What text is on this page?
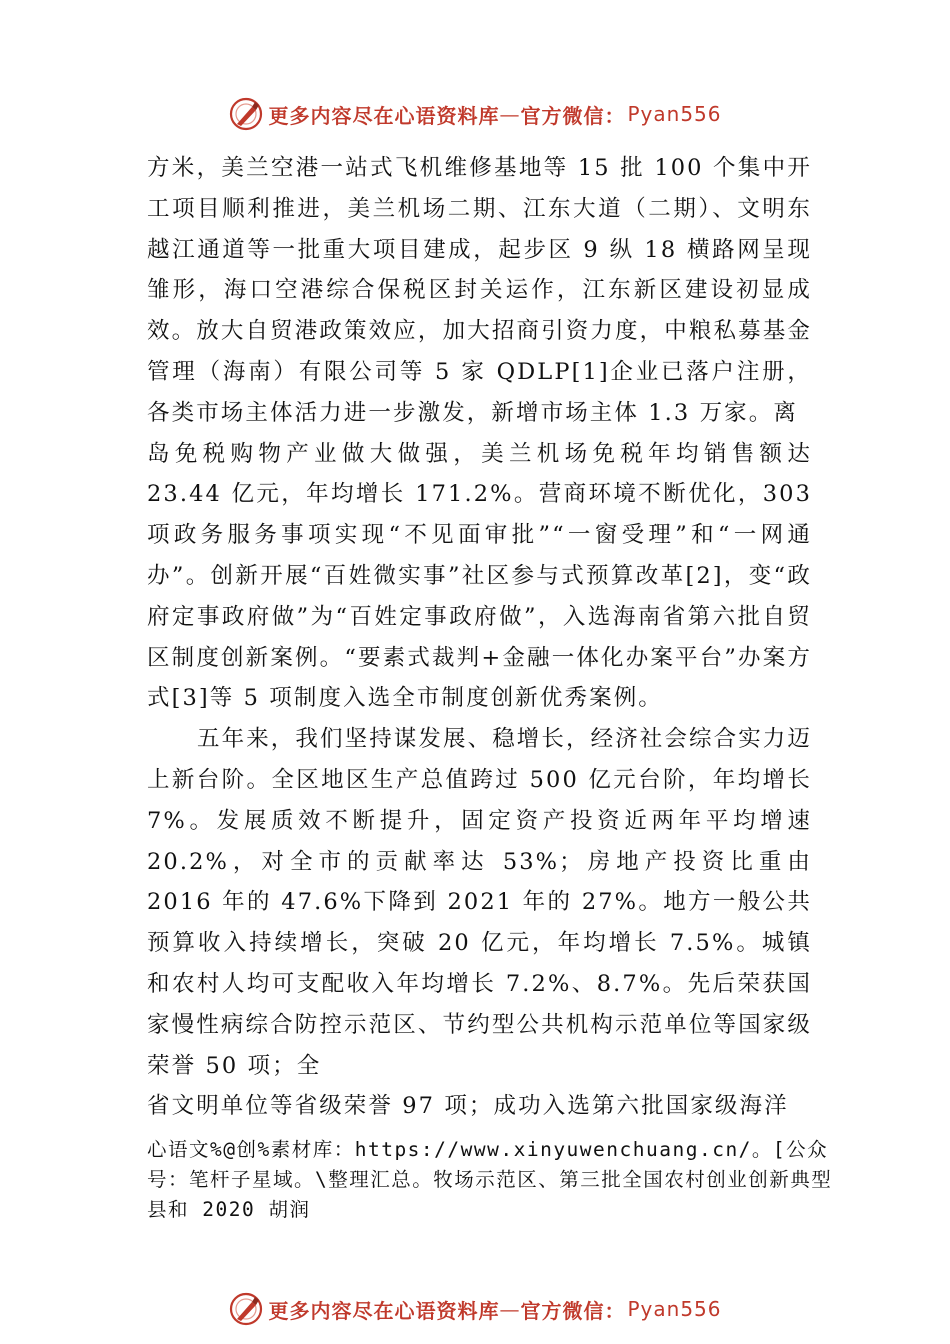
更多内容尽在心语资料库 — 官方微信： Pyan556

方米，美兰空港一站式飞机维修基地等 15 批 100 个集中开工项目顺利推进，美兰机场二期、江东大道（二期）、文明东越江通道等一批重大项目建成，起步区 9 纵 18 横路网呈现雏形，海口空港综合保税区封关运作，江东新区建设初显成效。放大自贸港政策效应，加大招商引资力度，中粮私募基金管理（海南）有限公司等 5 家 QDLP[1]企业已落户注册， 各类市场主体活力进一步激发，新增市场主体 1.3 万家。离

岛免税购物产业做大做强，美兰机场免税年均销售额达 23.44 亿元，年均增长 171.2%。营商环境不断优化，303 项政务服务事项实现“不见面审批”“一窗受理”和“一网通办”。创新开展“百姓微实事”社区参与式预算改革[2]，变“政府定事政府做”为“百姓定事政府做”，入选海南省第六批自贸区制度创新案例。“要素式裁判+金融一体化办案平台”办案方式[3]等 5 项制度入选全市制度创新优秀案例。

五年来，我们坚持谋发展、稳增长，经济社会综合实力迈上新台阶。全区地区生产总值跨过 500 亿元台阶，年均增长 7%。发展质效不断提升，固定资产投资近两年平均增速 20.2%，对全市的贡献率达 53%；房地产投资比重由 2016 年的 47.6%下降到 2021 年的 27%。地方一般公共预算收入持续增长，突破 20 亿元，年均增长 7.5%。城镇和农村人均可支配收入年均增长 7.2%、8.7%。先后荣获国家慢性病综合防控示范区、节约型公共机构示范单位等国家级荣誉 50 项；全

省文明单位等省级荣誉 97 项；成功入选第六批国家级海洋

心语文%@创%素材库：https://www.xinyuwenchuang.cn/。[公众号：笔杆子星域。\整理汇总。牧场示范区、第三批全国农村创业创新典型县和 2020 胡润

更多内容尽在心语资料库 — 官方微信： Pyan556
